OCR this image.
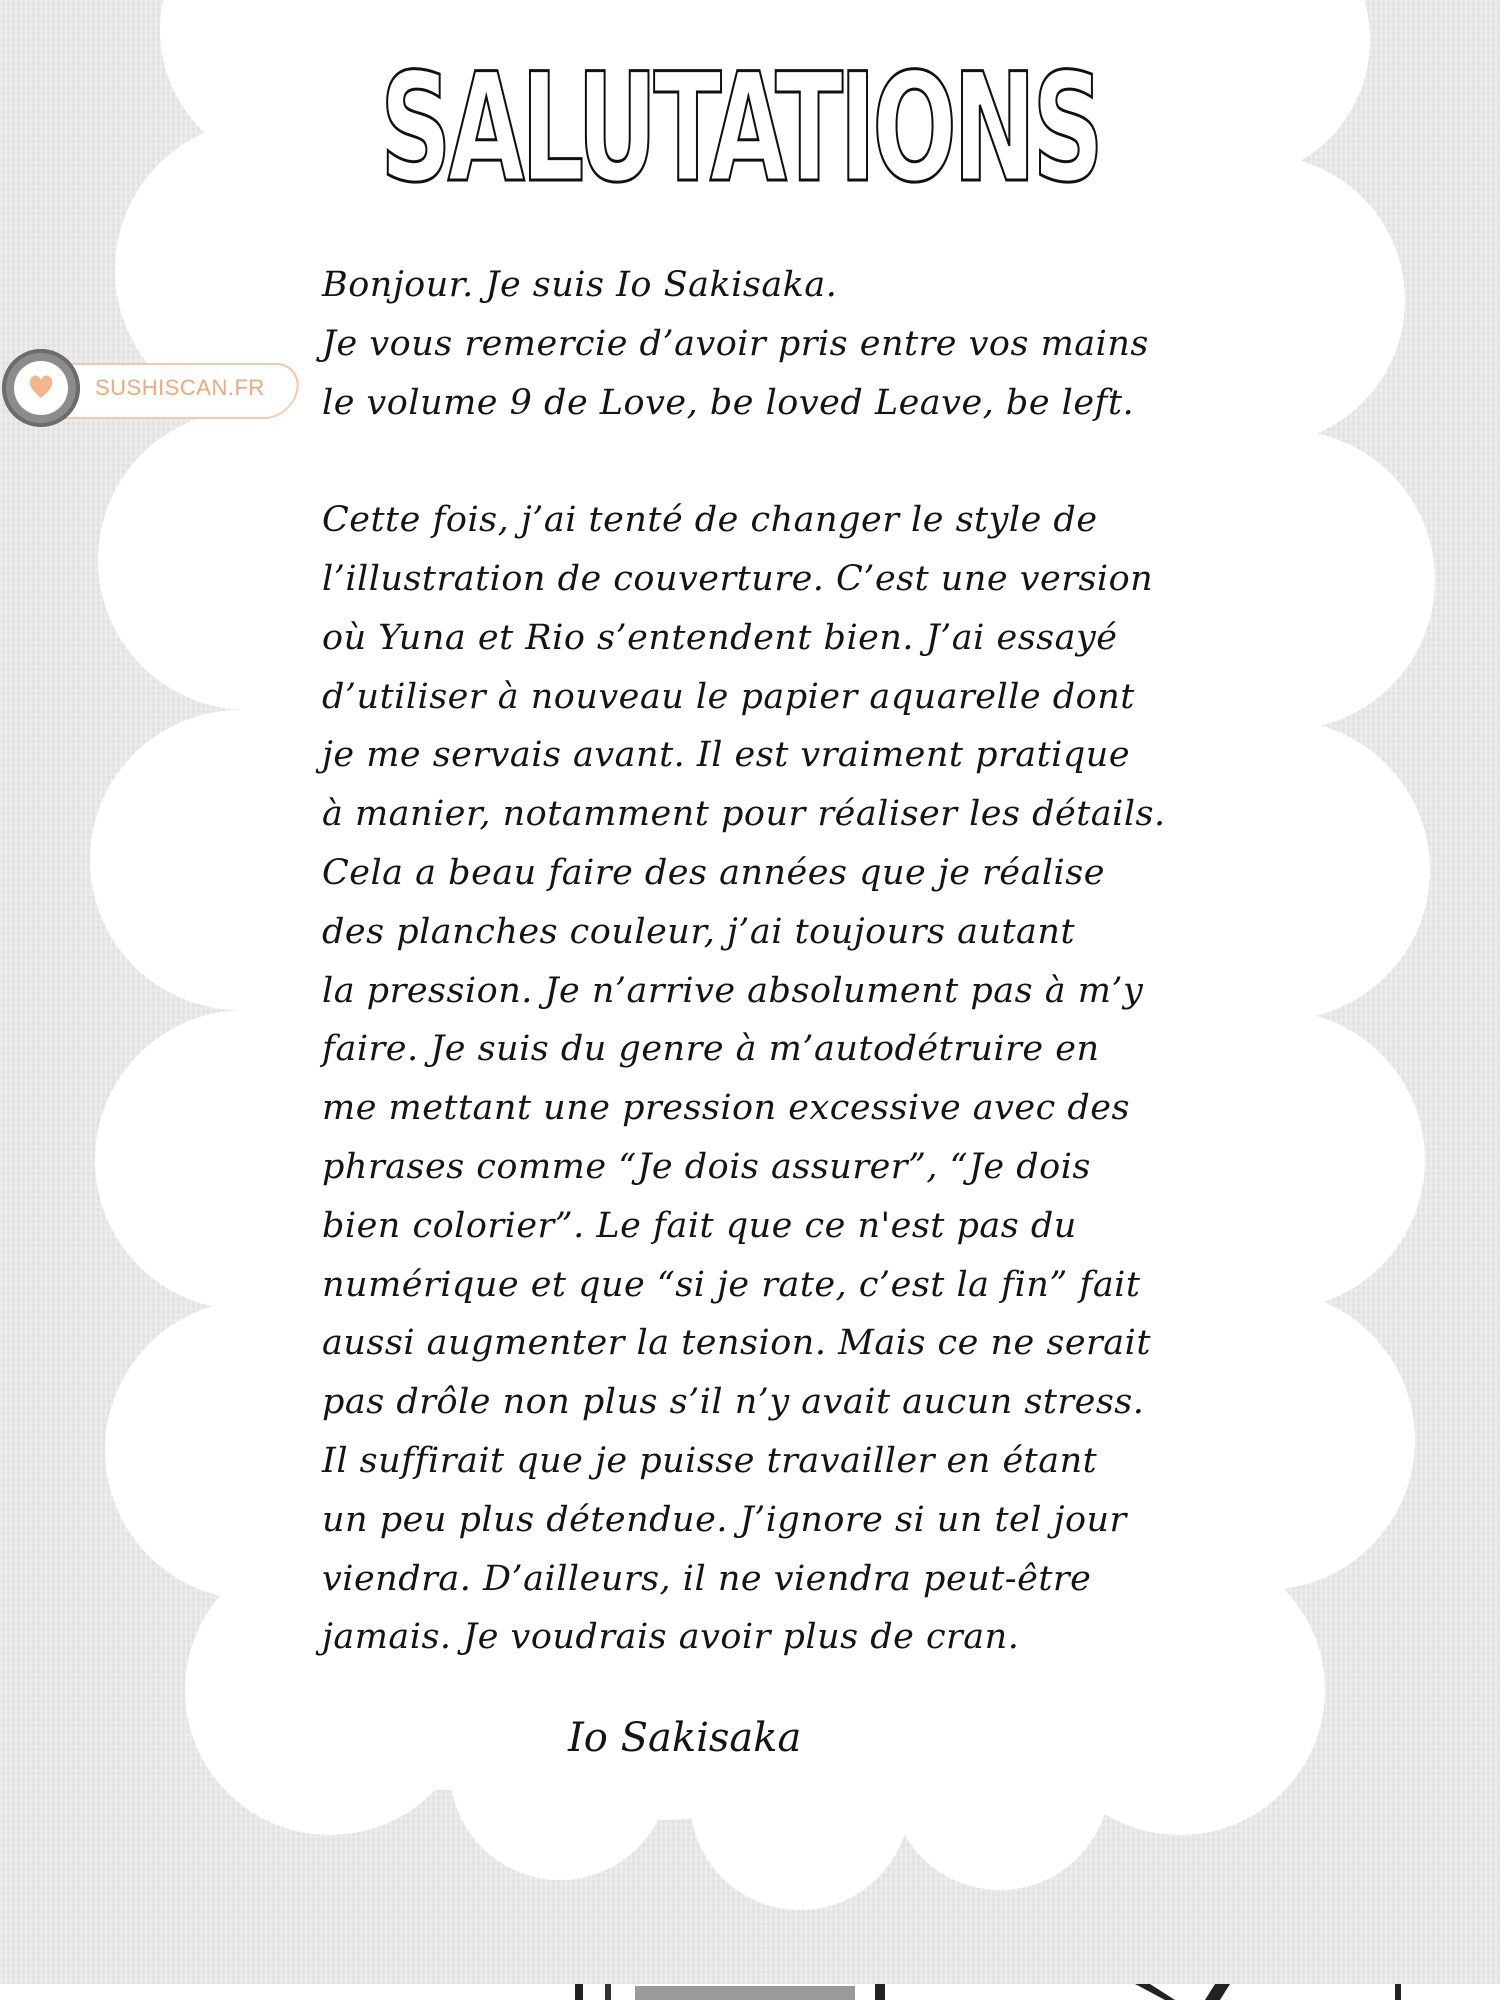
SALUTATIONS
Bonjour. Je suis Io Sakisaka.
Je vous remercie d’avoir pris entre vos mains
le volume 9 de Love, be loved Leave, be left.
Cette fois, j’ai tenté de changer le style de
l’illustration de couverture. C’est une version
où Yuna et Rio s’entendent bien. J’ai essayé
d’utiliser à nouveau le papier aquarelle dont
je me servais avant. Il est vraiment pratique
à manier, notamment pour réaliser les détails.
Cela a beau faire des années que je réalise
des planches couleur, j’ai toujours autant
la pression. Je n’arrive absolument pas à m’y
faire. Je suis du genre à m’autodétruire en
me mettant une pression excessive avec des
phrases comme “Je dois assurer”, “Je dois
bien colorier”. Le fait que ce n'est pas du
numérique et que “si je rate, c’est la fin” fait
aussi augmenter la tension. Mais ce ne serait
pas drôle non plus s’il n’y avait aucun stress.
Il suffirait que je puisse travailler en étant
un peu plus détendue. J’ignore si un tel jour
viendra. D’ailleurs, il ne viendra peut-être
jamais. Je voudrais avoir plus de cran.
Io Sakisaka
SUSHISCAN.FR
